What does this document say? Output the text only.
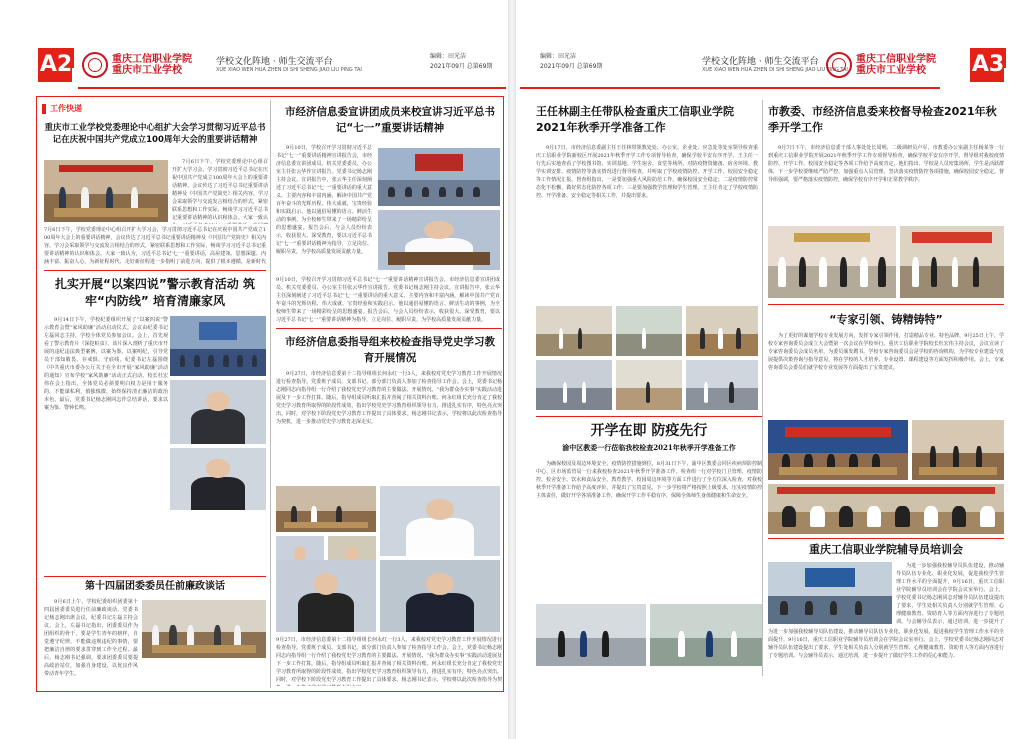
A2	重庆工信职业学院
重庆市工业学校
学校文化阵地 · 师生交流平台
XUE XIAO WEN HUA ZHEN DI SHI SHENG JIAO LIU PING TAI
编辑：田光洁
2021年09月 总第69期
工作快递
重庆市工业学校党委理论中心组扩大会学习贯彻习近平总书记在庆祝中国共产党成立100周年大会的重要讲话精神
7月6日下午，学校党委理论中心组召开扩大学习会，学习贯彻习近平总书记在庆祝中国共产党成立100周年大会上的重要讲话精神。会议传达了习近平总书记重要讲话精神及《中国共产党简史》相关内容。学习会采取领学与交流发言相结合的形式，紧密联系思想和工作实际，畅谈学习习近平总书记重要讲话精神的认识和体会。大家一致认
7月6日下午，学校党委理论中心组召开扩大学习会，学习贯彻习近平总书记在庆祝中国共产党成立100周年大会上的重要讲话精神。会议传达了习近平总书记重要讲话精神及《中国共产党简史》相关内容。学习会采取领学与交流发言相结合的形式，紧密联系思想和工作实际，畅谈学习习近平总书记重要讲话精神的认识和体会。大家一致认为，习近平总书记'七一'重要讲话，高屋建瓴、思想深邃、内涵丰富、振奋人心，为新征程时代、走好新征程进一步指明了前进方向，提供了根本遵循。是新时代
扎实开展“以案四说”警示教育活动 筑牢“内防线” 培育清廉家风
9月14日下午，学校纪委组织开展了“以案四说”警示教育会暨“家风助廉”活动启动仪式。会议由纪委书记左磊同志主持，学校全体党员参加会议。会上，首先观看了警示教育片《深挖蛀虫》，该片深入剖析了重庆市开展的违纪违法典型案例，以案为鉴、以案明纪，引导党员干部知敬畏、存戒惧、守底线。纪委书记左磊围绕《中共重庆市委办公厅关于在全市开展“家风助廉”活动的通知》宣布学校“家风助廉”活动正式启动。校长杜宏伟在会上指出，全体党员必须要明白权力是用于服务的，不能谋私利，慎独慎微，始终保持清正廉洁的政治本色。最后，党委书记杨志刚同志作总结讲话，要求以案为鉴、警钟长鸣。
第十四届团委委员任前廉政谈话
9月6日上午，学校纪委组织团委第十四届团委委员进行任前廉政谈话，党委书记杨志刚出席会议，纪委书记左磊主持会议。会上，左磊书记指出，团委委员作为团组织的骨干，要是学生青年的榜样，自觉遵守纪律，不能做违规违纪的事情，要把廉洁自律的要求贯穿到工作全过程。最后，杨志刚书记强调，要求团委委员要提高政治站位，加强自身建设，以优良作风带动青年学生。
市经济信息委宣讲团成员来校宣讲习近平总书记“七一”重要讲话精神
9月10日，学校召开学习贯彻习近平总书记“七一”重要讲话精神宣讲报告会，市经济信息委宣讲团成员、机关党委委员、办公室主任张云华作宣讲报告。党委书记杨志刚主持会议。宣讲报告中，张云华主任深刻阐述了习近平总书记“七一”重要讲话的重大意义、主要内容和丰富内涵，解读中国共产党百年奋斗的光辉历程、伟大成就、宝贵经验和实践启示。他以通俗易懂的语言、鲜活生动的事例，为全校师生带来了一场精彩纷呈的思想盛宴。报告会后，与会人员纷纷表示，收获很大、深受教育，要以习近平总书记“七一”重要讲话精神为指导，立足岗位、履职尽责，为学校高质量发展贡献力量。
9月10日，学校召开学习贯彻习近平总书记“七一”重要讲话精神宣讲报告会，市经济信息委宣讲团成员、机关党委委员、办公室主任张云华作宣讲报告。党委书记杨志刚主持会议。宣讲报告中，张云华主任深刻阐述了习近平总书记“七一”重要讲话的重大意义、主要内容和丰富内涵，解读中国共产党百年奋斗的光辉历程、伟大成就、宝贵经验和实践启示。他以通俗易懂的语言、鲜活生动的事例，为全校师生带来了一场精彩纷呈的思想盛宴。报告会后，与会人员纷纷表示，收获很大、深受教育，要以习近平总书记“七一”重要讲话精神为指导，立足岗位、履职尽责，为学校高质量发展贡献力量。
市经济信息委指导组来校检查指导党史学习教育开展情况
9月27日，市经济信息委第十二指导组组长何永红一行3人，来我校对党史学习教育工作开展情况进行检查指导。党委班子成员、支部书记、部分部门负责人参加了检查指导工作会。会上，党委书记杨志刚同志向指导组一行介绍了我校党史学习教育的主要做法、开展情况、“我为群众办实事”实践活动进展及下一步工作打算。随后，指导组成员听取汇报并查阅了相关资料台账。何永红组长充分肯定了我校党史学习教育所取得的阶段性成效，指出学校党史学习教育组织领导有力，推进扎实有序，特色亮点突出。同时，对学校下阶段党史学习教育工作提出了具体要求。杨志刚书记表示，学校将以此次检查指导为契机，进一步推动党史学习教育走深走实。
9月27日，市经济信息委第十二指导组组长何永红一行3人，来我校对党史学习教育工作开展情况进行检查指导。党委班子成员、支部书记、部分部门负责人参加了检查指导工作会。会上，党委书记杨志刚同志向指导组一行介绍了我校党史学习教育的主要做法、开展情况、“我为群众办实事”实践活动进展及下一步工作打算。随后，指导组成员听取汇报并查阅了相关资料台账。何永红组长充分肯定了我校党史学习教育所取得的阶段性成效，指出学校党史学习教育组织领导有力，推进扎实有序，特色亮点突出。同时，对学校下阶段党史学习教育工作提出了具体要求。杨志刚书记表示，学校将以此次检查指导为契
编辑：田光洁
2021年09月 总第69期	学校文化阵地 · 师生交流平台
XUE XIAO WEN HUA ZHEN DI SHI SHENG JIAO LIU PING TAI
重庆工信职业学院
重庆市工业学校	A3
王任林副主任带队检查重庆工信职业学院2021年秋季开学准备工作
9月17日，市经济信息委副主任王任林带领教处处、办公室、企业处、应急处等处室领导检查重庆工信职业学院新校区开展2021年秋季开学工作专项督导检查，确保学校平安有序开学。王主任一行先后实地查看了学校图书馆、实训基地、学生宿舍、食堂等场所，对防疫物资储备、宿舍环境、教学实训安排、疫情防控等落实情况进行督导检查，并听取了学校疫情防控、开学工作、校园安全稳定等工作情况汇报。督查组指出，一是要加强重大风险防范工作，确保校园安全稳定；二是疫情防控常态化不松懈，做好常态化防控各项工作；三是要加强教学管理和学生管理。王主任肯定了学校疫情防控、开学准备、安全稳定等相关工作，并提出要求。
市教委、市经济信息委来校督导检查2021年秋季开学工作
9月7日下午，市经济信息委干部人事处处长周明、二级调研员卢军，市教委办公室副主任杨某等一行到重庆工信职业学院开展2021年秋季开学工作专项督导检查，确保学校平安有序开学。督导组对我校疫情防控、开学工作、校园安全稳定等各项工作给予高度肯定，他们指出，学校是人员密集场所，学生是活跃群体，下一步学校要继续严防严控，加强重点人员管理，坚决落实疫情防控各项措施，确保校园安全稳定。督导组强调，要严格落实疫情防控，确保学校有序开学和正常教学秩序。
“专家引领、铸精铸特”
为了更好的谋划学校专业发展方向，发挥专家引领作用，打造精品专业，特色品牌，9月25日上午，学校专家咨询委员会成立大会暨第一次会议在学校举行。重庆工信职业学院校长杜宏伟主持会议，会议宣读了专家咨询委员会成员名单，为委员颁发聘书。学校专家咨询委员会是学校的咨询机构，为学校专业建设与发展提供决策咨询与指导意见，将在学校的人才培养、专业设置、课程建设等方面发挥积极作用。会上，专家咨询委员会委员们就学校专业发展等方面提出了宝贵建议。
开学在即 防疫先行
渝中区教委一行莅临我校检查2021年秋季开学准备工作
为确保校园及周边环境安全，疫情防控措施到位，8月31日下午，渝中区教委会同区疾病预防控制中心、区市场监管局一行来我校检查2021年秋季开学准备工作。检查组一行对学校门卫管理、疫情防控、校舍安全、饮水和食品安全、教育教学、校园周边环境等方面工作进行了全方位深入检查，对我校秋季开学准备工作给予高度评价，并提出了宝贵意见。下一步学校将严格按照上级要求，压实疫情防控主体责任，做好开学各项准备工作，确保开学工作平稳有序，保障全体师生身体健康和生命安全。
重庆工信职业学院辅导员培训会
为进一步加强我校辅导员队伍建设，推动辅导员队伍专业化、职业化发展，促进我校学生管理工作水平的全面提升，9月16日，重庆工信职业学院辅导员培训会在学院会议室举行。会上，学校党委书记杨志刚同志对辅导员队伍建设提出了要求，学生处相关负责人分别就学生管理、心理健康教育、资助育人等方面内容进行了专题培训。与会辅导员表示，通过培训，进一步提升了
为进一步加强我校辅导员队伍建设，推动辅导员队伍专业化、职业化发展，促进我校学生管理工作水平的全面提升，9月16日，重庆工信职业学院辅导员培训会在学院会议室举行。会上，学校党委书记杨志刚同志对辅导员队伍建设提出了要求，学生处相关负责人分别就学生管理、心理健康教育、资助育人等方面内容进行了专题培训。与会辅导员表示，通过培训，进一步提升了做好学生工作的信心和能力。
